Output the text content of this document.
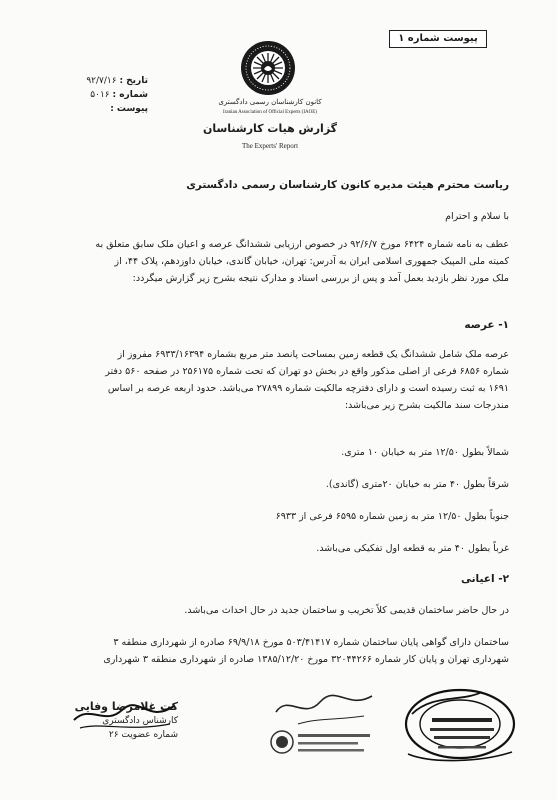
پیوست شماره ۱
تاریخ : ۹۲/۷/۱۶
شماره : ۵۰۱۶
پیوست :
کانون کارشناسان رسمی دادگستری
Iranian Association of Official Experts (IAOE)
گزارش هیات کارشناسان
The Experts' Report
ریاست محترم هیئت مدیره کانون کارشناسان رسمی دادگستری
با سلام و احترام
عطف به نامه شماره ۶۴۲۴ مورخ ۹۲/۶/۷ در خصوص ارزیابی ششدانگ عرصه و اعیان ملک سابق متعلق به
کمیته ملی المپیک جمهوری اسلامی ایران به آدرس: تهران، خیابان گاندی، خیابان داوزدهم، پلاک ۴۴، از
ملک مورد نظر بازدید بعمل آمد و پس از بررسی اسناد و مدارک نتیجه بشرح زیر گزارش میگردد:
۱- عرصه
عرصه ملک شامل ششدانگ یک قطعه زمین بمساحت پانصد متر مربع بشماره ۶۹۳۳/۱۶۳۹۴ مفروز از
شماره ۶۸۵۶ فرعی از اصلی مذکور واقع در بخش دو تهران که تحت شماره ۲۵۶۱۷۵ در صفحه ۵۶۰ دفتر
۱۶۹۱ به ثبت رسیده است و دارای دفترچه مالکیت شماره ۲۷۸۹۹ می‌باشد. حدود اربعه عرصه بر اساس
مندرجات سند مالکیت بشرح زیر می‌باشد:
شمالاً بطول ۱۲/۵۰ متر به خیابان ۱۰ متری.
شرقاً بطول ۴۰ متر به خیابان ۲۰متری (گاندی).
جنوباً بطول ۱۲/۵۰ متر به زمین شماره ۶۵۹۵ فرعی از ۶۹۳۳
غرباً بطول ۴۰ متر به قطعه اول تفکیکی می‌باشد.
۲- اعیانی
در حال حاضر ساختمان قدیمی کلاً تخریب و ساختمان جدید در حال احداث می‌باشد.
ساختمان دارای گواهی پایان ساختمان شماره ۵۰۳/۴۱۴۱۷ مورخ ۶۹/۹/۱۸ صادره از شهرداری منطقه ۳
شهرداری تهران و پایان کار شماره ۳۲۰۴۴۲۶۶ مورخ ۱۳۸۵/۱۲/۲۰ صادره از شهرداری منطقه ۳ شهرداری
کت غلامرضا وفایی
کارشناس دادگستری
شماره عضویت ۲۶
